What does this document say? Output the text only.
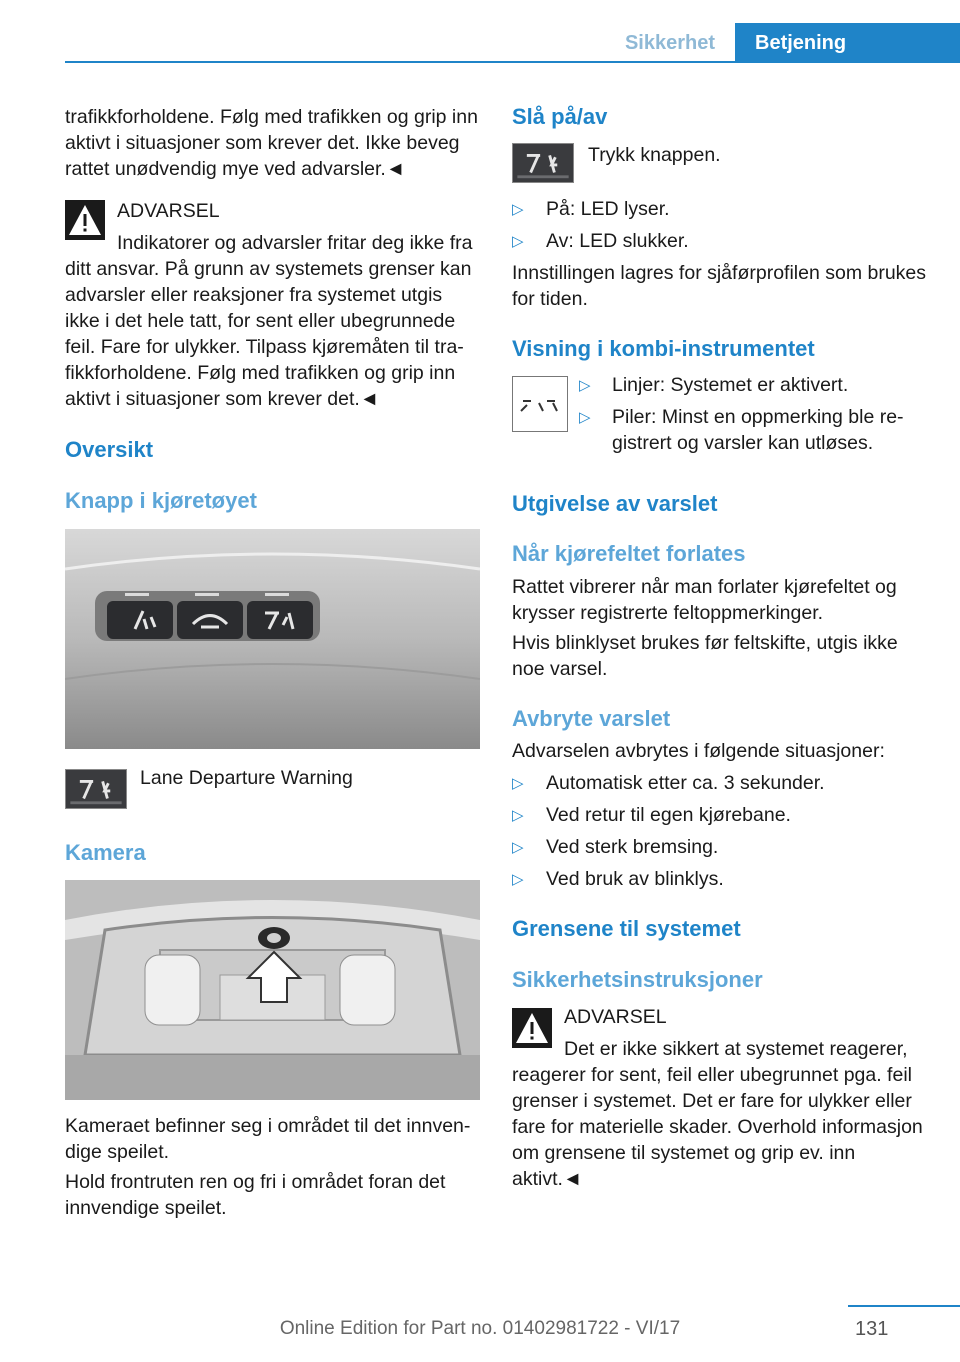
Sikkerhet	Betjening

trafikkforholdene. Følg med trafikken og grip inn aktivt i situasjoner som krever det. Ikke beveg rattet unødvendig mye ved advarsler.◄

ADVARSEL

Indikatorer og advarsler fritar deg ikke fra ditt ansvar. På grunn av systemets grenser kan advarsler eller reaksjoner fra systemet utgis ikke i det hele tatt, for sent eller ubegrunnede feil. Fare for ulykker. Tilpass kjøremåten til trafikkforholdene. Følg med trafikken og grip inn aktivt i situasjoner som krever det.◄

Oversikt
Knapp i kjøretøyet

Lane Departure Warning

Kamera

Kameraet befinner seg i området til det innvendige speilet.

Hold frontruten ren og fri i området foran det innvendige speilet.

Slå på/av

Trykk knappen.

▷ På: LED lyser.

▷ Av: LED slukker.

Innstillingen lagres for sjåførprofilen som brukes for tiden.

Visning i kombi-instrumentet
▷ Linjer: Systemet er aktivert.

▷ Piler: Minst en oppmerking ble registrert og varsler kan utløses.

Utgivelse av varslet
Når kjørefeltet forlates

Rattet vibrerer når man forlater kjørefeltet og krysser registrerte feltoppmerkinger.

Hvis blinklyset brukes før feltskifte, utgis ikke noe varsel.

Avbryte varslet

Advarselen avbrytes i følgende situasjoner:

▷ Automatisk etter ca. 3 sekunder.

▷ Ved retur til egen kjørebane.

▷ Ved sterk bremsing.

▷ Ved bruk av blinklys.

Grensene til systemet
Sikkerhetsinstruksjoner

ADVARSEL

Det er ikke sikkert at systemet reagerer, reagerer for sent, feil eller ubegrunnet pga. feil grenser i systemet. Det er fare for ulykker eller fare for materielle skader. Overhold informasjon om grensene til systemet og grip ev. inn aktivt.◄

131
Online Edition for Part no. 01402981722 - VI/17
